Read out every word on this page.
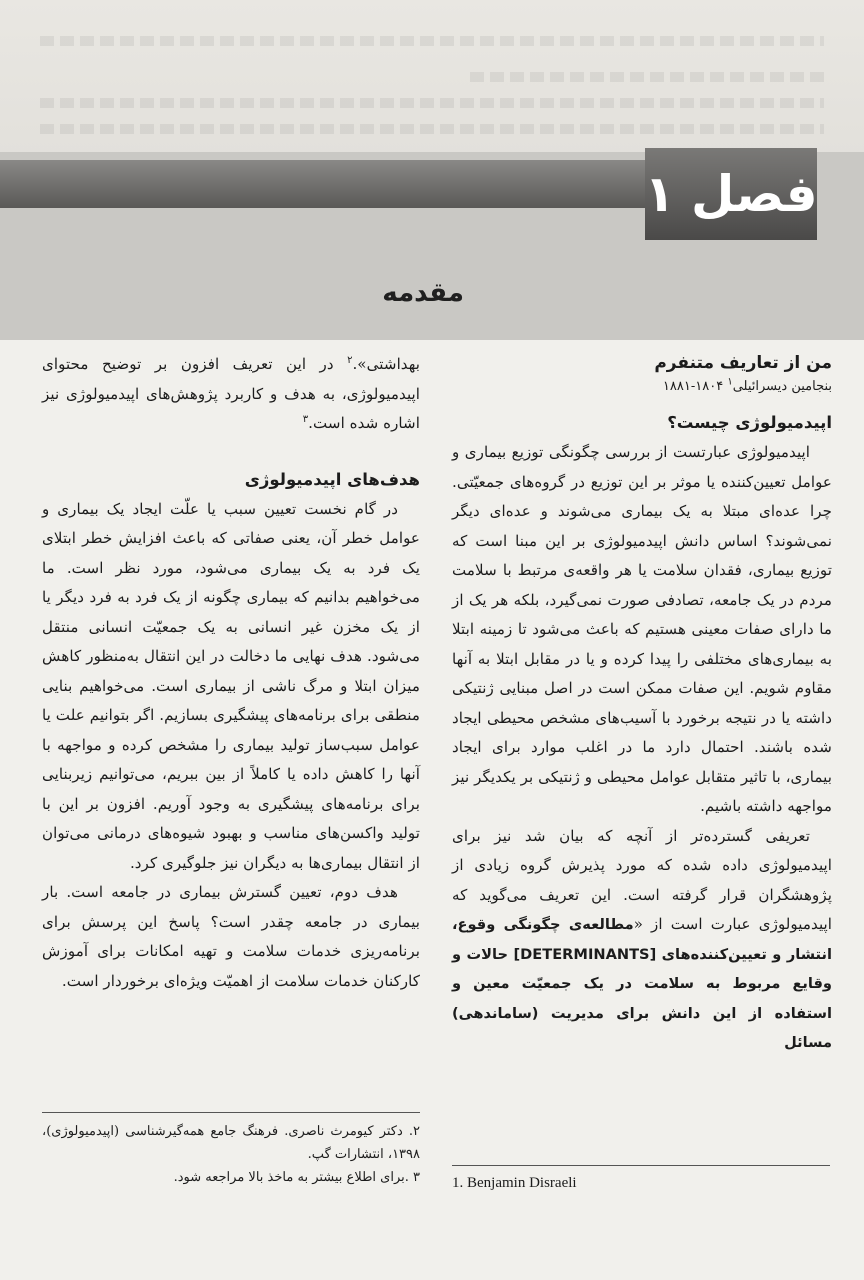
فصل
۱
مقدمه
من از تعاریف متنفرم
بنجامین دیسرائیلی$^۱$ ۱۸۰۴-۱۸۸۱
اپیدمیولوژی چیست؟

اپیدمیولوژی عبارتست از بررسی چگونگی توزیع بیماری و عوامل تعیین‌کننده یا موثر بر این توزیع در گروه‌های جمعیّتی. چرا عده‌ای مبتلا به یک بیماری می‌شوند و عده‌ای دیگر نمی‌شوند؟ اساس دانش اپیدمیولوژی بر این مبنا است که توزیع بیماری، فقدان سلامت یا هر واقعه‌ی مرتبط با سلامت مردم در یک جامعه، تصادفی صورت نمی‌گیرد، بلکه هر یک از ما دارای صفات معینی هستیم که باعث می‌شود تا زمینه ابتلا به بیماری‌های مختلفی را پیدا کرده و یا در مقابل ابتلا به آنها مقاوم شویم. این صفات ممکن است در اصل مبنایی ژنتیکی داشته یا در نتیجه برخورد با آسیب‌های مشخص محیطی ایجاد شده باشند. احتمال دارد ما در اغلب موارد برای ایجاد بیماری، با تاثیر متقابل عوامل محیطی و ژنتیکی بر یکدیگر نیز مواجهه داشته باشیم.

تعریفی گسترده‌تر از آنچه که بیان شد نیز برای اپیدمیولوژی داده شده که مورد پذیرش گروه زیادی از پژوهشگران قرار گرفته است. این تعریف می‌گوید که اپیدمیولوژی عبارت است از «مطالعه‌ی چگونگی وقوع، انتشار و تعیین‌کننده‌های [DETERMINANTS] حالات و وقایع مربوط به سلامت در یک جمعیّت معین و استفاده از این دانش برای مدیریت (ساماندهی) مسائل

بهداشتی».$^۲$ در این تعریف افزون بر توضیح محتوای اپیدمیولوژی، به هدف و کاربرد پژوهش‌های اپیدمیولوژی نیز اشاره شده است.$^۳$

هدف‌های اپیدمیولوژی

در گام نخست تعیین سبب یا علّت ایجاد یک بیماری و عوامل خطر آن، یعنی صفاتی که باعث افزایش خطر ابتلای یک فرد به یک بیماری می‌شود، مورد نظر است. ما می‌خواهیم بدانیم که بیماری چگونه از یک فرد به فرد دیگر یا از یک مخزن غیر انسانی به یک جمعیّت انسانی منتقل می‌شود. هدف نهایی ما دخالت در این انتقال به‌منظور کاهش میزان ابتلا و مرگ ناشی از بیماری است. می‌خواهیم بنایی منطقی برای برنامه‌های پیشگیری بسازیم. اگر بتوانیم علت یا عوامل سبب‌ساز تولید بیماری را مشخص کرده و مواجهه با آنها را کاهش داده یا کاملاً از بین ببریم، می‌توانیم زیربنایی برای برنامه‌های پیشگیری به وجود آوریم. افزون بر این با تولید واکسن‌های مناسب و بهبود شیوه‌های درمانی می‌توان از انتقال بیماری‌ها به دیگران نیز جلوگیری کرد.

هدف دوم، تعیین گسترش بیماری در جامعه است. بار بیماری در جامعه چقدر است؟ پاسخ این پرسش برای برنامه‌ریزی خدمات سلامت و تهیه امکانات برای آموزش کارکنان خدمات سلامت از اهمیّت ویژه‌ای برخوردار است.

۲. دکتر کیومرث ناصری. فرهنگ جامع همه‌گیرشناسی (اپیدمیولوژی)، ۱۳۹۸، انتشارات گپ.
۳ .برای اطلاع بیشتر به ماخذ بالا مراجعه شود. 1. Benjamin Disraeli
